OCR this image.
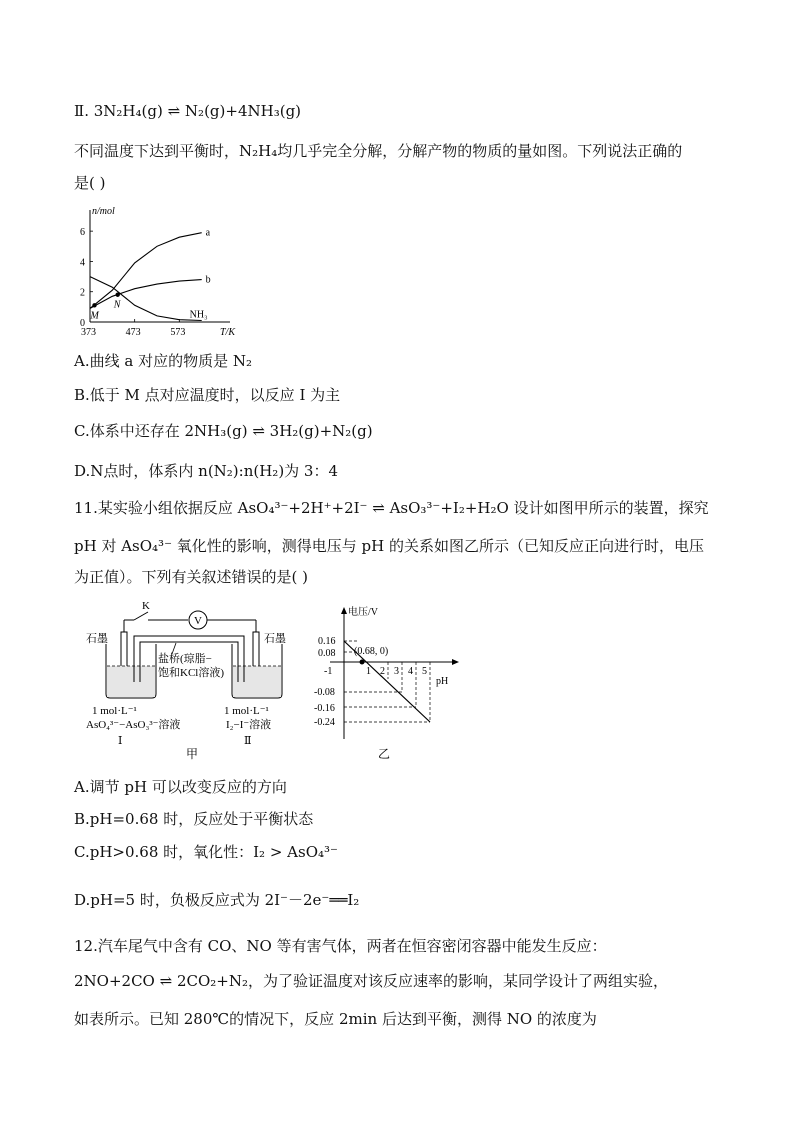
Ⅱ. 3N₂H₄(g) ⇌ N₂(g)+4NH₃(g)
不同温度下达到平衡时，N₂H₄均几乎完全分解，分解产物的物质的量如图。下列说法正确的
是( )
n/mol
T/K
0
2
4
6
373	473	573
a
b
NH₃
M
N
A.曲线 a 对应的物质是 N₂
B.低于 M 点对应温度时，以反应 Ⅰ 为主
C.体系中还存在 2NH₃(g) ⇌ 3H₂(g)+N₂(g)
D.N点时，体系内 n(N₂):n(H₂)为 3：4
11.某实验小组依据反应 AsO₄³⁻+2H⁺+2I⁻ ⇌ AsO₃³⁻+I₂+H₂O 设计如图甲所示的装置，探究
pH 对 AsO₄³⁻ 氧化性的影响，测得电压与 pH 的关系如图乙所示（已知反应正向进行时，电压
为正值）。下列有关叙述错误的是( )
K
V
石墨	石墨
盐桥(琼脂−
饱和KCl溶液)
1 mol·L⁻¹
AsO₄³⁻−AsO₃³⁻溶液
Ⅰ
1 mol·L⁻¹
I₂−I⁻溶液
Ⅱ
甲
电压/V
pH
0.16
0.08
-0.08
-0.16
-0.24
-1	1 2 3 4 5
(0.68, 0)
乙
A.调节 pH 可以改变反应的方向
B.pH=0.68 时，反应处于平衡状态
C.pH>0.68 时，氧化性：I₂ > AsO₄³⁻
D.pH=5 时，负极反应式为 2I⁻－2e⁻══I₂
12.汽车尾气中含有 CO、NO 等有害气体，两者在恒容密闭容器中能发生反应：
2NO+2CO ⇌ 2CO₂+N₂，为了验证温度对该反应速率的影响，某同学设计了两组实验，
如表所示。已知 280℃的情况下，反应 2min 后达到平衡，测得 NO 的浓度为
